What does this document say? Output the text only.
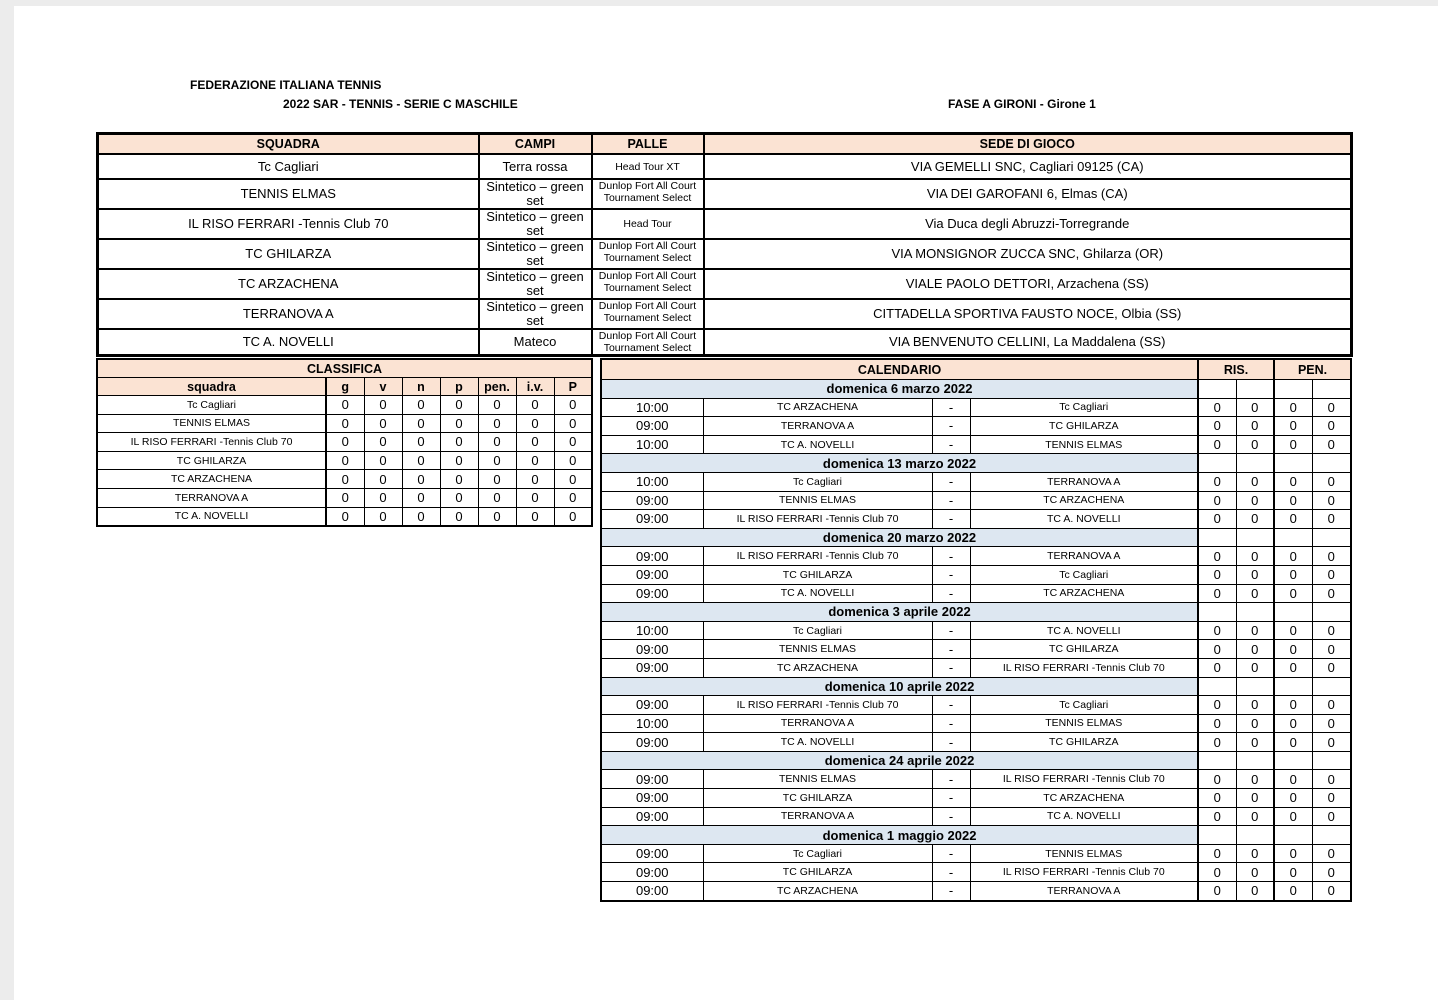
FEDERAZIONE ITALIANA TENNIS
2022 SAR - TENNIS - SERIE C MASCHILE	FASE A GIRONI - Girone 1
SQUADRA	CAMPI	PALLE	SEDE DI GIOCO
Tc Cagliari	Terra rossa	Head Tour XT	VIA GEMELLI SNC, Cagliari 09125 (CA)
TENNIS ELMAS	Sintetico – green set	Dunlop Fort All Court Tournament Select	VIA DEI GAROFANI 6, Elmas (CA)
IL RISO FERRARI -Tennis Club 70	Sintetico – green set	Head Tour	Via Duca degli Abruzzi-Torregrande
TC GHILARZA	Sintetico – green set	Dunlop Fort All Court Tournament Select	VIA MONSIGNOR ZUCCA SNC, Ghilarza (OR)
TC ARZACHENA	Sintetico – green set	Dunlop Fort All Court Tournament Select	VIALE PAOLO DETTORI, Arzachena (SS)
TERRANOVA A	Sintetico – green set	Dunlop Fort All Court Tournament Select	CITTADELLA SPORTIVA FAUSTO NOCE, Olbia (SS)
TC A. NOVELLI	Mateco	Dunlop Fort All Court Tournament Select	VIA BENVENUTO CELLINI, La Maddalena (SS)
CLASSIFICA							
squadra	g	v	n	p	pen.	i.v.	P
Tc Cagliari	0	0	0	0	0	0	0
TENNIS ELMAS	0	0	0	0	0	0	0
IL RISO FERRARI -Tennis Club 70	0	0	0	0	0	0	0
TC GHILARZA	0	0	0	0	0	0	0
TC ARZACHENA	0	0	0	0	0	0	0
TERRANOVA A	0	0	0	0	0	0	0
TC A. NOVELLI	0	0	0	0	0	0	0
CALENDARIO				RIS.		PEN.	
domenica 6 marzo 2022							
10:00	TC ARZACHENA	-	Tc Cagliari	0	0	0	0
09:00	TERRANOVA A	-	TC GHILARZA	0	0	0	0
10:00	TC A. NOVELLI	-	TENNIS ELMAS	0	0	0	0
domenica 13 marzo 2022							
10:00	Tc Cagliari	-	TERRANOVA A	0	0	0	0
09:00	TENNIS ELMAS	-	TC ARZACHENA	0	0	0	0
09:00	IL RISO FERRARI -Tennis Club 70	-	TC A. NOVELLI	0	0	0	0
domenica 20 marzo 2022							
09:00	IL RISO FERRARI -Tennis Club 70	-	TERRANOVA A	0	0	0	0
09:00	TC GHILARZA	-	Tc Cagliari	0	0	0	0
09:00	TC A. NOVELLI	-	TC ARZACHENA	0	0	0	0
domenica 3 aprile 2022							
10:00	Tc Cagliari	-	TC A. NOVELLI	0	0	0	0
09:00	TENNIS ELMAS	-	TC GHILARZA	0	0	0	0
09:00	TC ARZACHENA	-	IL RISO FERRARI -Tennis Club 70	0	0	0	0
domenica 10 aprile 2022							
09:00	IL RISO FERRARI -Tennis Club 70	-	Tc Cagliari	0	0	0	0
10:00	TERRANOVA A	-	TENNIS ELMAS	0	0	0	0
09:00	TC A. NOVELLI	-	TC GHILARZA	0	0	0	0
domenica 24 aprile 2022							
09:00	TENNIS ELMAS	-	IL RISO FERRARI -Tennis Club 70	0	0	0	0
09:00	TC GHILARZA	-	TC ARZACHENA	0	0	0	0
09:00	TERRANOVA A	-	TC A. NOVELLI	0	0	0	0
domenica 1 maggio 2022							
09:00	Tc Cagliari	-	TENNIS ELMAS	0	0	0	0
09:00	TC GHILARZA	-	IL RISO FERRARI -Tennis Club 70	0	0	0	0
09:00	TC ARZACHENA	-	TERRANOVA A	0	0	0	0
